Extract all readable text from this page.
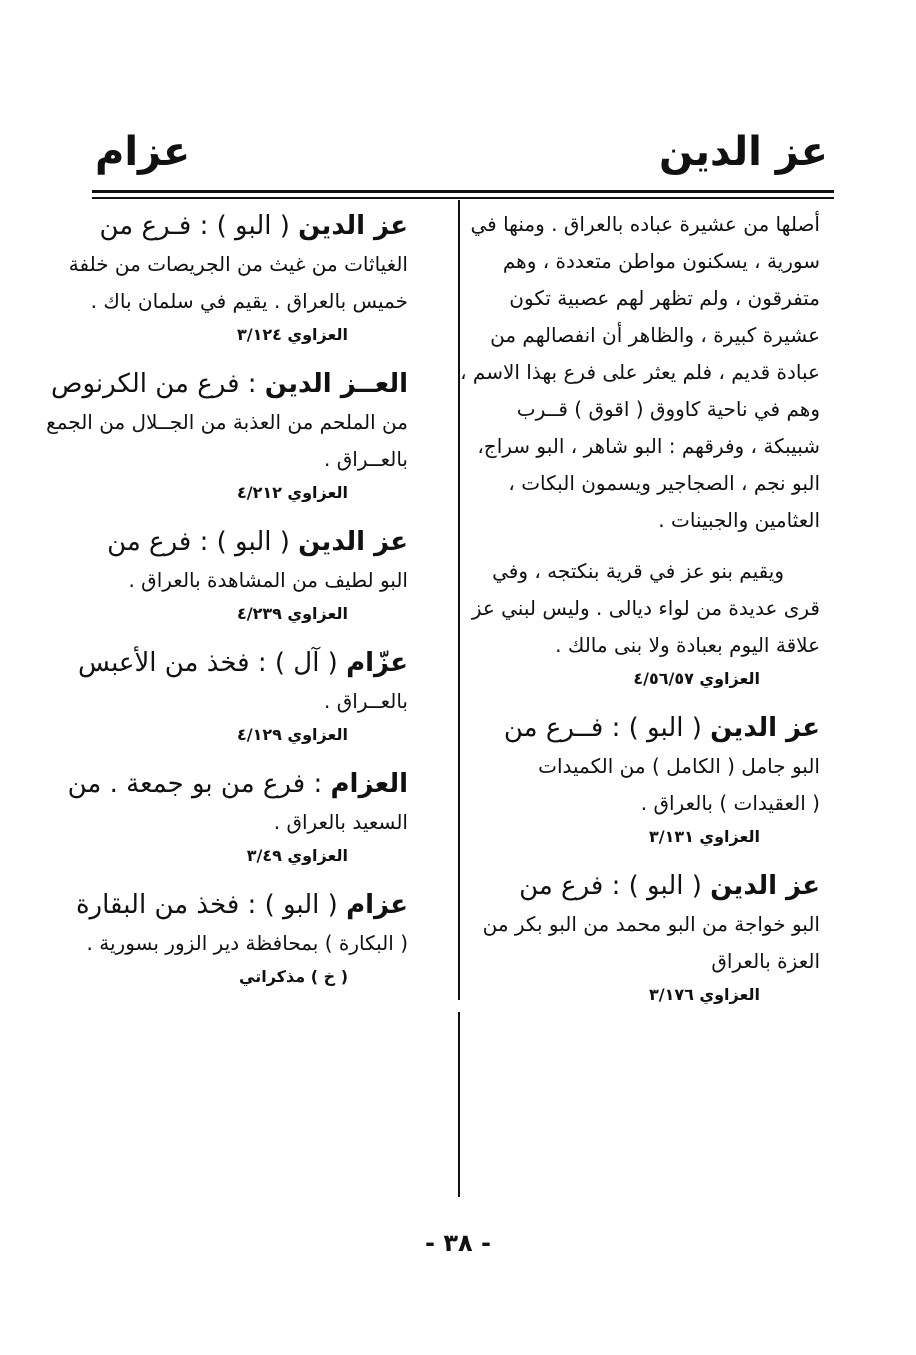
عز الدين
عزام
أصلها من عشيرة عباده بالعراق . ومنها في
سورية ، يسكنون مواطن متعددة ، وهم
متفرقون ، ولم تظهر لهم عصبية تكون
عشيرة كبيرة ، والظاهر أن انفصالهم من
عبادة قديم ، فلم يعثر على فرع بهذا الاسم ،
وهم في ناحية كاووق ( اقوق ) قــرب
شبيبكة ، وفرقهم : البو شاهر ، البو سراج،
البو نجم ، الصجاجير ويسمون البكات ،
العثامين والجبينات .
ويقيم بنو عز في قرية بنكتجه ، وفي
قرى عديدة من لواء ديالى . وليس لبني عز
علاقة اليوم بعبادة ولا بنى مالك .
العزاوي ٤/٥٦/٥٧
عز الدين ( البو ) : فــرع من
البو جامل ( الكامل ) من الكميدات
( العقيدات ) بالعراق .
العزاوي ٣/١٣١
عز الدين ( البو ) : فرع من
البو خواجة من البو محمد من البو بكر من
العزة بالعراق
العزاوي ٣/١٧٦
عز الدين ( البو ) : فـرع من
الغياثات من غيث من الجريصات من خلفة
خميس بالعراق . يقيم في سلمان باك .
العزاوي ٣/١٢٤
العــز الدين : فرع من الكرنوص
من الملحم من العذبة من الجــلال من الجمع
بالعــراق .
العزاوي ٤/٢١٢
عز الدين ( البو ) : فرع من
البو لطيف من المشاهدة بالعراق .
العزاوي ٤/٢٣٩
عزّام ( آل ) : فخذ من الأعبس
بالعــراق .
العزاوي ٤/١٢٩
العزام : فرع من بو جمعة . من
السعيد بالعراق .
العزاوي ٣/٤٩
عزام ( البو ) : فخذ من البقارة
( البكارة ) بمحافظة دير الزور بسورية .
( خ ) مذكراتي
- ٣٨ -
